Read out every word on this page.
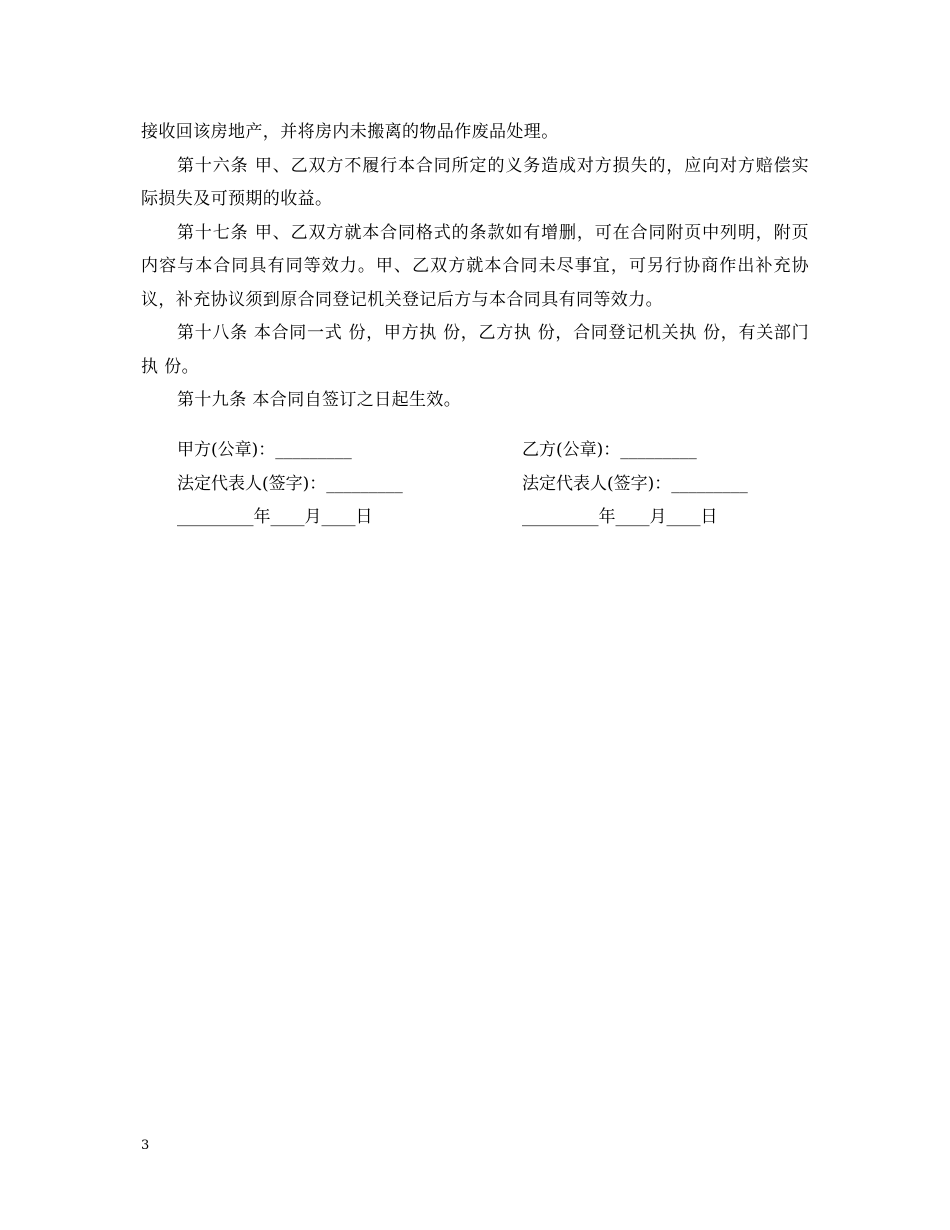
接收回该房地产，并将房内未搬离的物品作废品处理。

第十六条 甲、乙双方不履行本合同所定的义务造成对方损失的，应向对方赔偿实际损失及可预期的收益。

第十七条 甲、乙双方就本合同格式的条款如有增删，可在合同附页中列明，附页内容与本合同具有同等效力。甲、乙双方就本合同未尽事宜，可另行协商作出补充协议，补充协议须到原合同登记机关登记后方与本合同具有同等效力。

第十八条 本合同一式 份，甲方执 份，乙方执 份，合同登记机关执 份，有关部门执 份。

第十九条 本合同自签订之日起生效。

甲方(公章)：_________	乙方(公章)：_________
法定代表人(签字)：_________	法定代表人(签字)：_________
_________年____月____日	_________年____月____日
3
